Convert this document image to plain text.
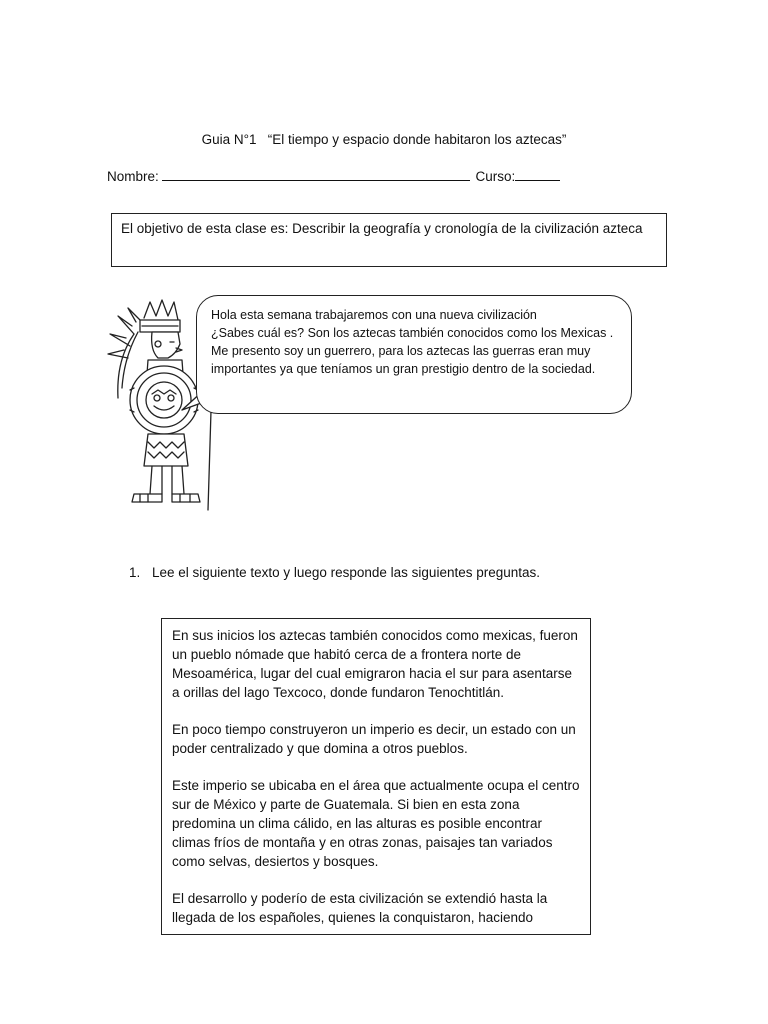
Guia N°1   “El tiempo y espacio donde habitaron los aztecas”
Nombre:	Curso:
El objetivo de esta clase es: Describir la geografía y cronología de la civilización azteca

Hola esta semana trabajaremos con una nueva civilización

¿Sabes cuál es? Son los aztecas también conocidos como los Mexicas .

Me presento soy un guerrero, para los aztecas las guerras eran muy

importantes ya que teníamos un gran prestigio dentro de la sociedad.

1. Lee el siguiente texto y luego responde las siguientes preguntas.

En sus inicios los aztecas también conocidos como mexicas, fueron un pueblo nómade que habitó cerca de a frontera norte de Mesoamérica, lugar del cual emigraron hacia el sur para asentarse a orillas del lago Texcoco, donde fundaron Tenochtitlán.

En poco tiempo construyeron un imperio es decir, un estado con un poder centralizado y que domina a otros pueblos.

Este imperio se ubicaba en el área que actualmente ocupa el centro sur de México y parte de Guatemala. Si bien en esta zona predomina un clima cálido, en las alturas es posible encontrar climas fríos de montaña y en otras zonas, paisajes tan variados como selvas, desiertos y bosques.

El desarrollo y poderío de esta civilización se extendió hasta la llegada de los españoles, quienes la conquistaron, haciendo
